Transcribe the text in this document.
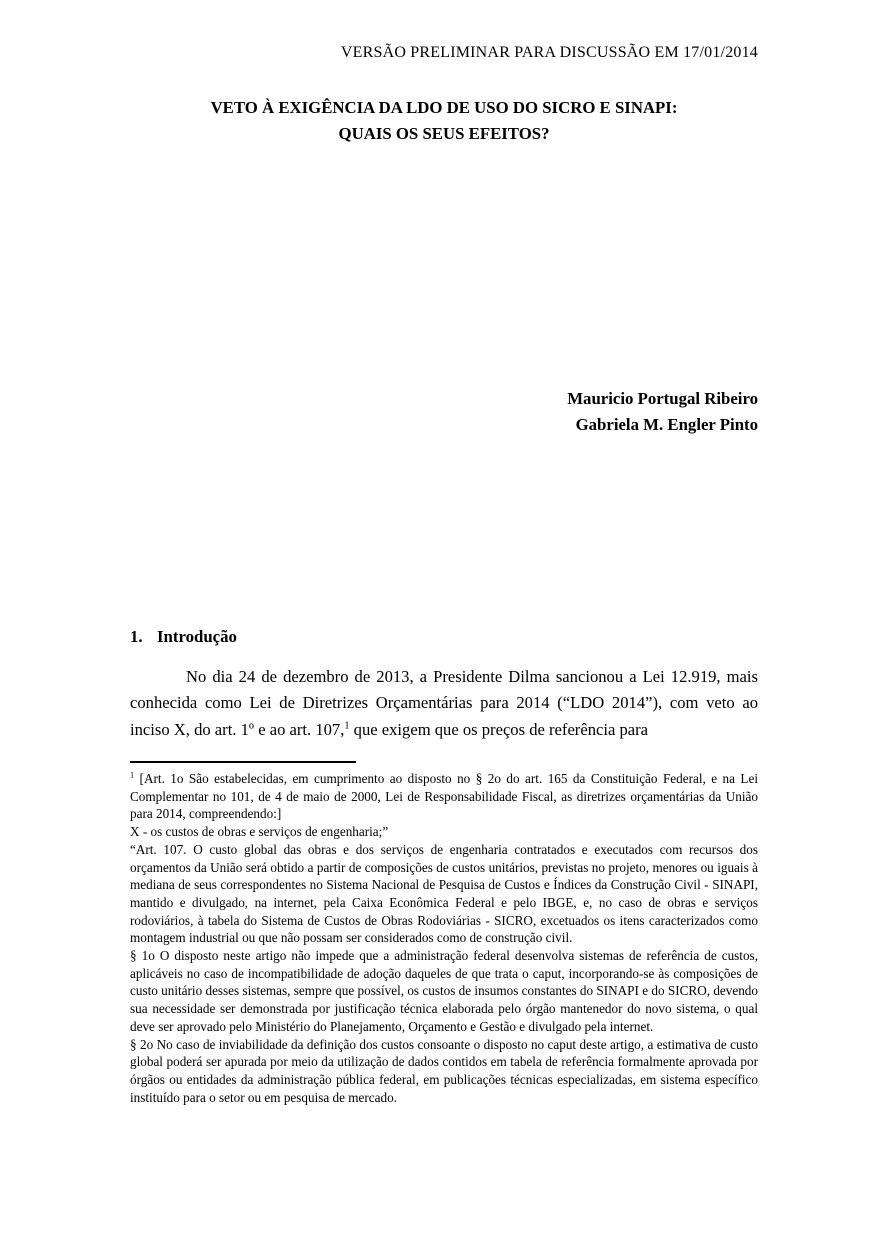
VERSÃO PRELIMINAR PARA DISCUSSÃO EM 17/01/2014
VETO À EXIGÊNCIA DA LDO DE USO DO SICRO E SINAPI:
QUAIS OS SEUS EFEITOS?
Mauricio Portugal Ribeiro
Gabriela M. Engler Pinto
1. Introdução

No dia 24 de dezembro de 2013, a Presidente Dilma sancionou a Lei 12.919, mais conhecida como Lei de Diretrizes Orçamentárias para 2014 (“LDO 2014”), com veto ao inciso X, do art. 1º e ao art. 107,$^1$ que exigem que os preços de referência para

$^1$ [Art. 1o São estabelecidas, em cumprimento ao disposto no § 2o do art. 165 da Constituição Federal, e na Lei Complementar no 101, de 4 de maio de 2000, Lei de Responsabilidade Fiscal, as diretrizes orçamentárias da União para 2014, compreendendo:]

X - os custos de obras e serviços de engenharia;”

“Art. 107. O custo global das obras e dos serviços de engenharia contratados e executados com recursos dos orçamentos da União será obtido a partir de composições de custos unitários, previstas no projeto, menores ou iguais à mediana de seus correspondentes no Sistema Nacional de Pesquisa de Custos e Índices da Construção Civil - SINAPI, mantido e divulgado, na internet, pela Caixa Econômica Federal e pelo IBGE, e, no caso de obras e serviços rodoviários, à tabela do Sistema de Custos de Obras Rodoviárias - SICRO, excetuados os itens caracterizados como montagem industrial ou que não possam ser considerados como de construção civil.

§ 1o O disposto neste artigo não impede que a administração federal desenvolva sistemas de referência de custos, aplicáveis no caso de incompatibilidade de adoção daqueles de que trata o caput, incorporando-se às composições de custo unitário desses sistemas, sempre que possível, os custos de insumos constantes do SINAPI e do SICRO, devendo sua necessidade ser demonstrada por justificação técnica elaborada pelo órgão mantenedor do novo sistema, o qual deve ser aprovado pelo Ministério do Planejamento, Orçamento e Gestão e divulgado pela internet.

§ 2o No caso de inviabilidade da definição dos custos consoante o disposto no caput deste artigo, a estimativa de custo global poderá ser apurada por meio da utilização de dados contidos em tabela de referência formalmente aprovada por órgãos ou entidades da administração pública federal, em publicações técnicas especializadas, em sistema específico instituído para o setor ou em pesquisa de mercado.
